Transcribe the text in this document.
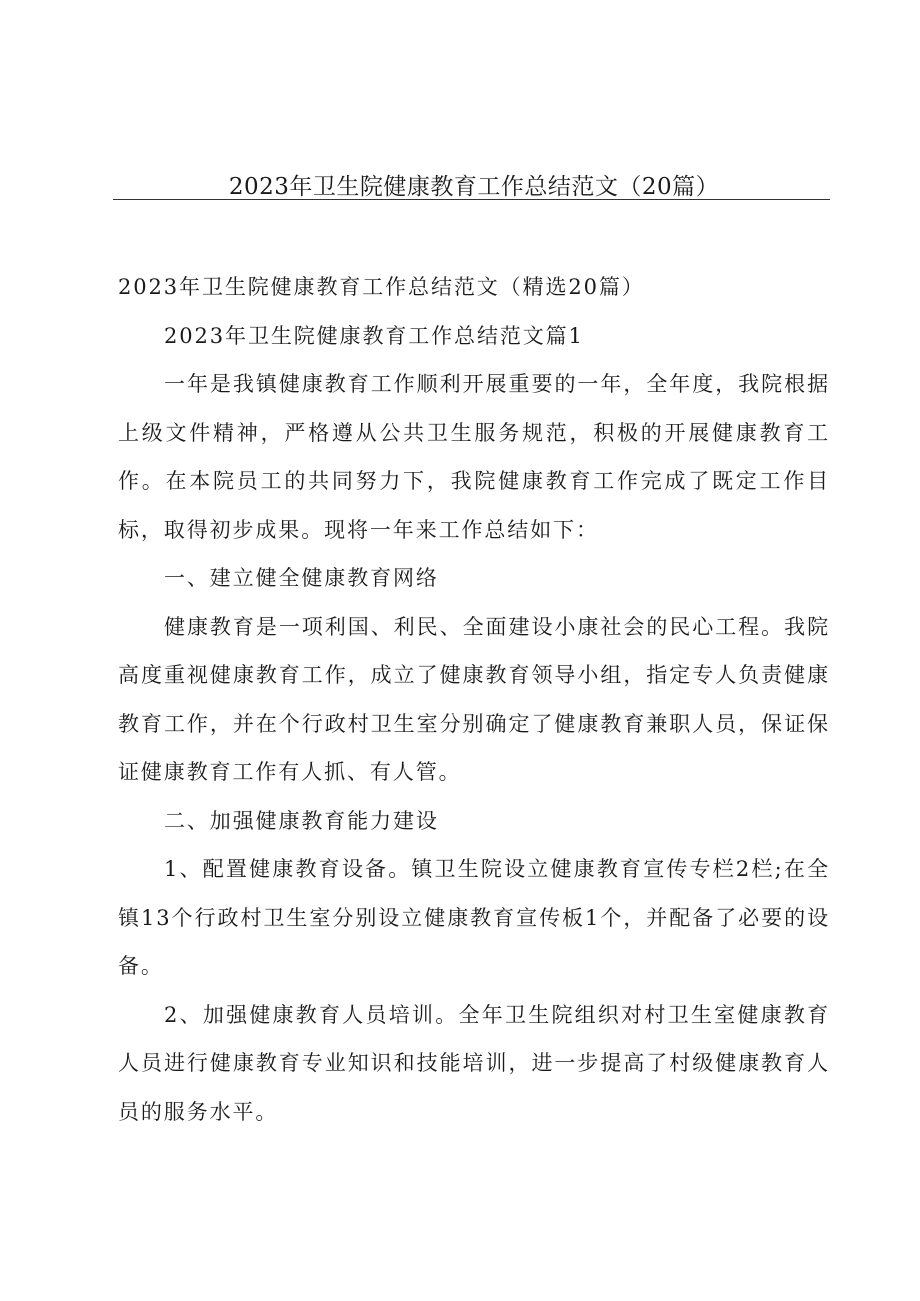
2023年卫生院健康教育工作总结范文（20篇）

2023年卫生院健康教育工作总结范文（精选20篇）

2023年卫生院健康教育工作总结范文篇1

一年是我镇健康教育工作顺利开展重要的一年，全年度，我院根据上级文件精神，严格遵从公共卫生服务规范，积极的开展健康教育工作。在本院员工的共同努力下，我院健康教育工作完成了既定工作目标，取得初步成果。现将一年来工作总结如下：

一、建立健全健康教育网络

健康教育是一项利国、利民、全面建设小康社会的民心工程。我院高度重视健康教育工作，成立了健康教育领导小组，指定专人负责健康教育工作，并在个行政村卫生室分别确定了健康教育兼职人员，保证保证健康教育工作有人抓、有人管。

二、加强健康教育能力建设

1、配置健康教育设备。镇卫生院设立健康教育宣传专栏2栏;在全镇13个行政村卫生室分别设立健康教育宣传板1个，并配备了必要的设备。

2、加强健康教育人员培训。全年卫生院组织对村卫生室健康教育人员进行健康教育专业知识和技能培训，进一步提高了村级健康教育人员的服务水平。
